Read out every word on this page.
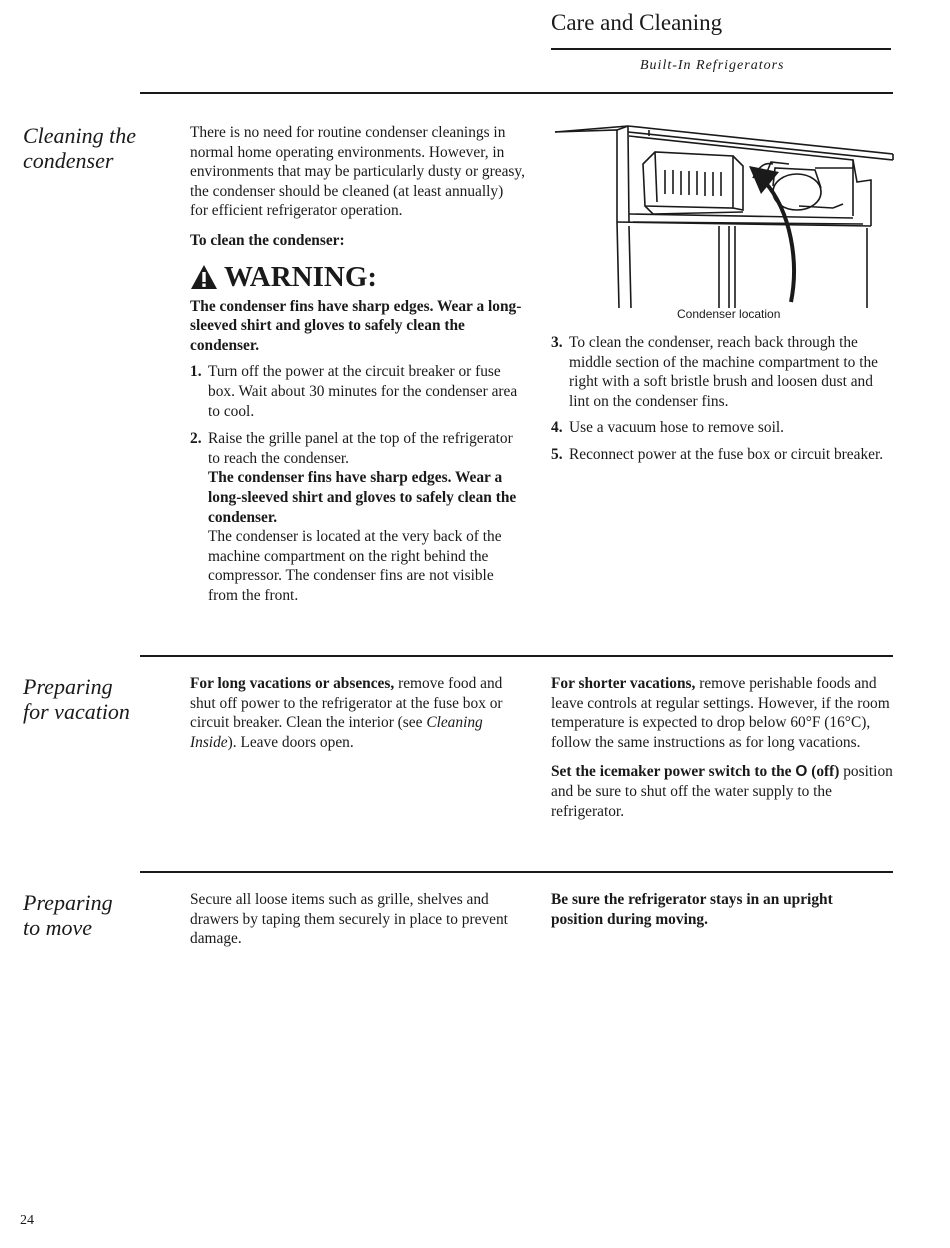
Care and Cleaning
Built-In Refrigerators
Cleaning the
condenser

There is no need for routine condenser cleanings in normal home operating environments. However, in environments that may be particularly dusty or greasy, the condenser should be cleaned (at least annually) for efficient refrigerator operation.

To clean the condenser:

WARNING:

The condenser fins have sharp edges. Wear a long-sleeved shirt and gloves to safely clean the condenser.

1. Turn off the power at the circuit breaker or fuse box. Wait about 30 minutes for the condenser area to cool.
2. Raise the grille panel at the top of the refrigerator to reach the condenser.
The condenser fins have sharp edges. Wear a long-sleeved shirt and gloves to safely clean the condenser.
The condenser is located at the very back of the machine compartment on the right behind the compressor. The condenser fins are not visible from the front.
Condenser location
3. To clean the condenser, reach back through the middle section of the machine compartment to the right with a soft bristle brush and loosen dust and lint on the condenser fins.
4. Use a vacuum hose to remove soil.
5. Reconnect power at the fuse box or circuit breaker.
Preparing
for vacation

For long vacations or absences, remove food and shut off power to the refrigerator at the fuse box or circuit breaker. Clean the interior (see Cleaning Inside). Leave doors open.

For shorter vacations, remove perishable foods and leave controls at regular settings. However, if the room temperature is expected to drop below 60°F (16°C), follow the same instructions as for long vacations.

Set the icemaker power switch to the O (off) position and be sure to shut off the water supply to the refrigerator.

Preparing
to move

Secure all loose items such as grille, shelves and drawers by taping them securely in place to prevent damage.

Be sure the refrigerator stays in an upright position during moving.

24
